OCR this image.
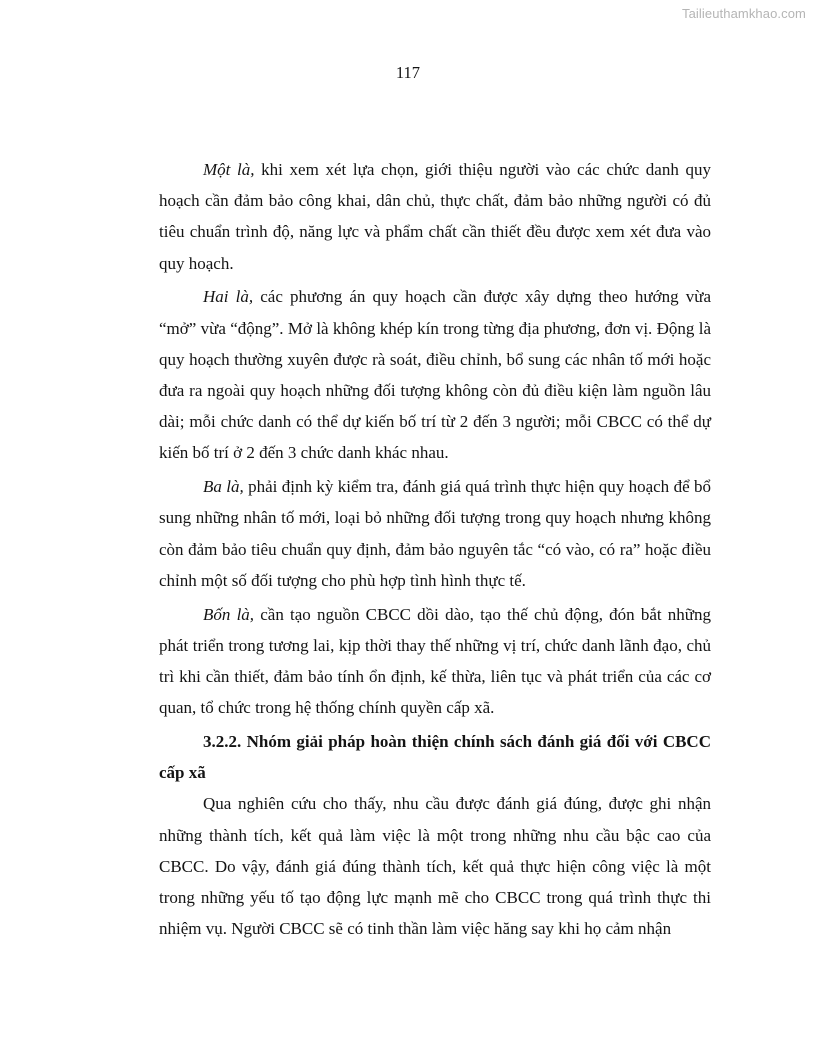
Tailieuthamkhao.com
117

Một là, khi xem xét lựa chọn, giới thiệu người vào các chức danh quy hoạch cần đảm bảo công khai, dân chủ, thực chất, đảm bảo những người có đủ tiêu chuẩn trình độ, năng lực và phẩm chất cần thiết đều được xem xét đưa vào quy hoạch.

Hai là, các phương án quy hoạch cần được xây dựng theo hướng vừa “mở” vừa “động”. Mở là không khép kín trong từng địa phương, đơn vị. Động là quy hoạch thường xuyên được rà soát, điều chỉnh, bổ sung các nhân tố mới hoặc đưa ra ngoài quy hoạch những đối tượng không còn đủ điều kiện làm nguồn lâu dài; mỗi chức danh có thể dự kiến bố trí từ 2 đến 3 người; mỗi CBCC có thể dự kiến bố trí ở 2 đến 3 chức danh khác nhau.

Ba là, phải định kỳ kiểm tra, đánh giá quá trình thực hiện quy hoạch để bổ sung những nhân tố mới, loại bỏ những đối tượng trong quy hoạch nhưng không còn đảm bảo tiêu chuẩn quy định, đảm bảo nguyên tắc “có vào, có ra” hoặc điều chỉnh một số đối tượng cho phù hợp tình hình thực tế.

Bốn là, cần tạo nguồn CBCC dồi dào, tạo thế chủ động, đón bắt những phát triển trong tương lai, kịp thời thay thế những vị trí, chức danh lãnh đạo, chủ trì khi cần thiết, đảm bảo tính ổn định, kế thừa, liên tục và phát triển của các cơ quan, tổ chức trong hệ thống chính quyền cấp xã.

3.2.2. Nhóm giải pháp hoàn thiện chính sách đánh giá đối với CBCC cấp xã

Qua nghiên cứu cho thấy, nhu cầu được đánh giá đúng, được ghi nhận những thành tích, kết quả làm việc là một trong những nhu cầu bậc cao của CBCC. Do vậy, đánh giá đúng thành tích, kết quả thực hiện công việc là một trong những yếu tố tạo động lực mạnh mẽ cho CBCC trong quá trình thực thi nhiệm vụ. Người CBCC sẽ có tinh thần làm việc hăng say khi họ cảm nhận
